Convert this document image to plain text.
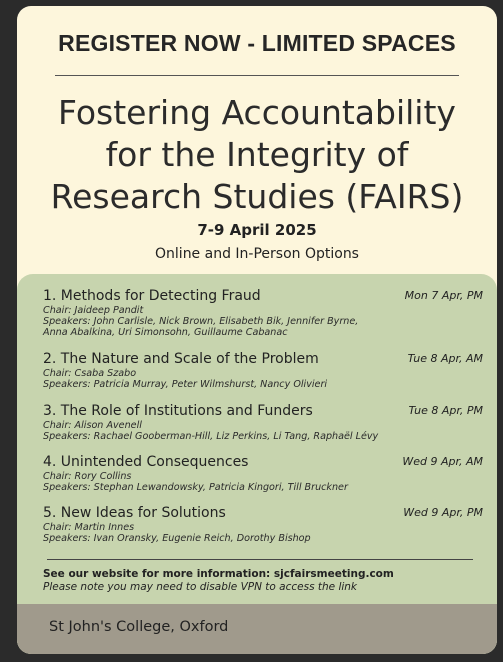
REGISTER NOW - LIMITED SPACES
Fostering Accountability
for the Integrity of
Research Studies (FAIRS)
7-9 April 2025
Online and In-Person Options
1. Methods for Detecting Fraud	Mon 7 Apr, PM
Chair: Jaideep Pandit
Speakers: John Carlisle, Nick Brown, Elisabeth Bik, Jennifer Byrne,
Anna Abalkina, Uri Simonsohn, Guillaume Cabanac
2. The Nature and Scale of the Problem	Tue 8 Apr, AM
Chair: Csaba Szabo
Speakers: Patricia Murray, Peter Wilmshurst, Nancy Olivieri
3. The Role of Institutions and Funders	Tue 8 Apr, PM
Chair: Alison Avenell
Speakers: Rachael Gooberman-Hill, Liz Perkins, Li Tang, Raphaël Lévy
4. Unintended Consequences	Wed 9 Apr, AM
Chair: Rory Collins
Speakers: Stephan Lewandowsky, Patricia Kingori, Till Bruckner
5. New Ideas for Solutions	Wed 9 Apr, PM
Chair: Martin Innes
Speakers: Ivan Oransky, Eugenie Reich, Dorothy Bishop
See our website for more information: sjcfairsmeeting.com
Please note you may need to disable VPN to access the link
St John's College, Oxford
